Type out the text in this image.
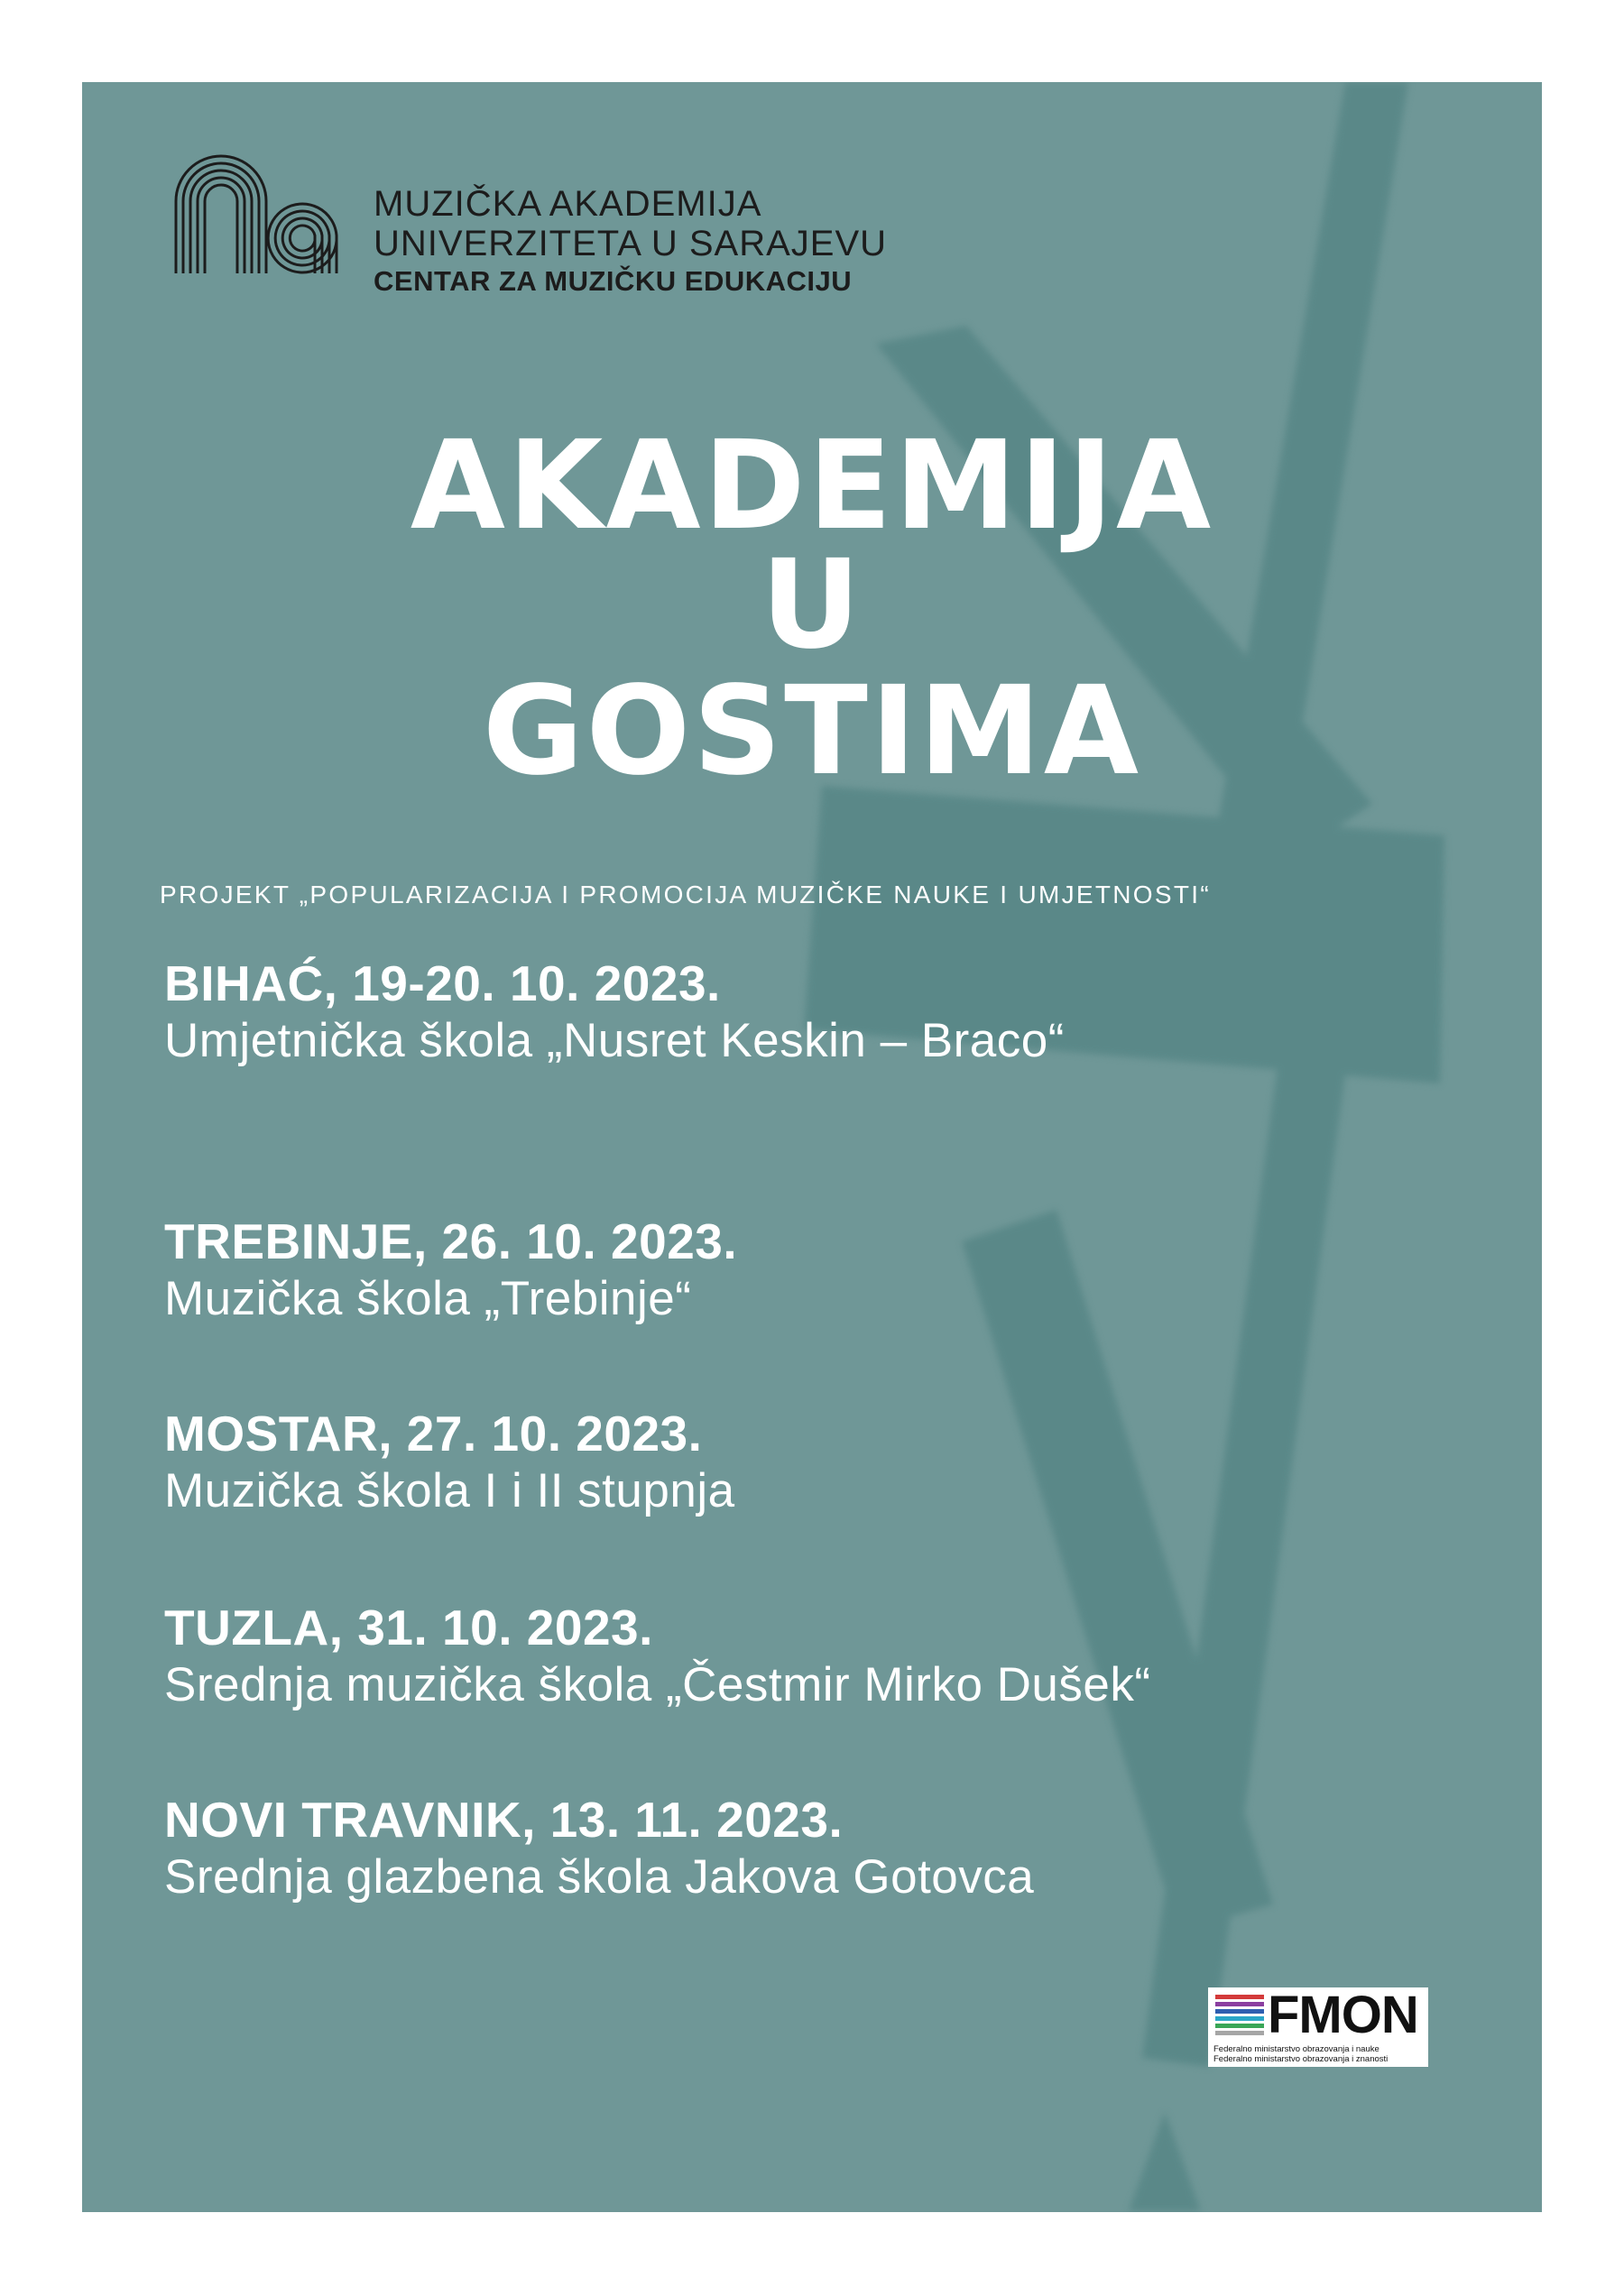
MUZIČKA AKADEMIJA
UNIVERZITETA U SARAJEVU
CENTAR ZA MUZIČKU EDUKACIJU
AKADEMIJA
U
GOSTIMA
PROJEKT „POPULARIZACIJA I PROMOCIJA MUZIČKE NAUKE I UMJETNOSTI“
BIHAĆ, 19-20. 10. 2023.
Umjetnička škola „Nusret Keskin – Braco“
TREBINJE, 26. 10. 2023.
Muzička škola „Trebinje“
MOSTAR, 27. 10. 2023.
Muzička škola I i II stupnja
TUZLA, 31. 10. 2023.
Srednja muzička škola „Čestmir Mirko Dušek“
NOVI TRAVNIK, 13. 11. 2023.
Srednja glazbena škola Jakova Gotovca
FMON
Federalno ministarstvo obrazovanja i nauke
Federalno ministarstvo obrazovanja i znanosti
